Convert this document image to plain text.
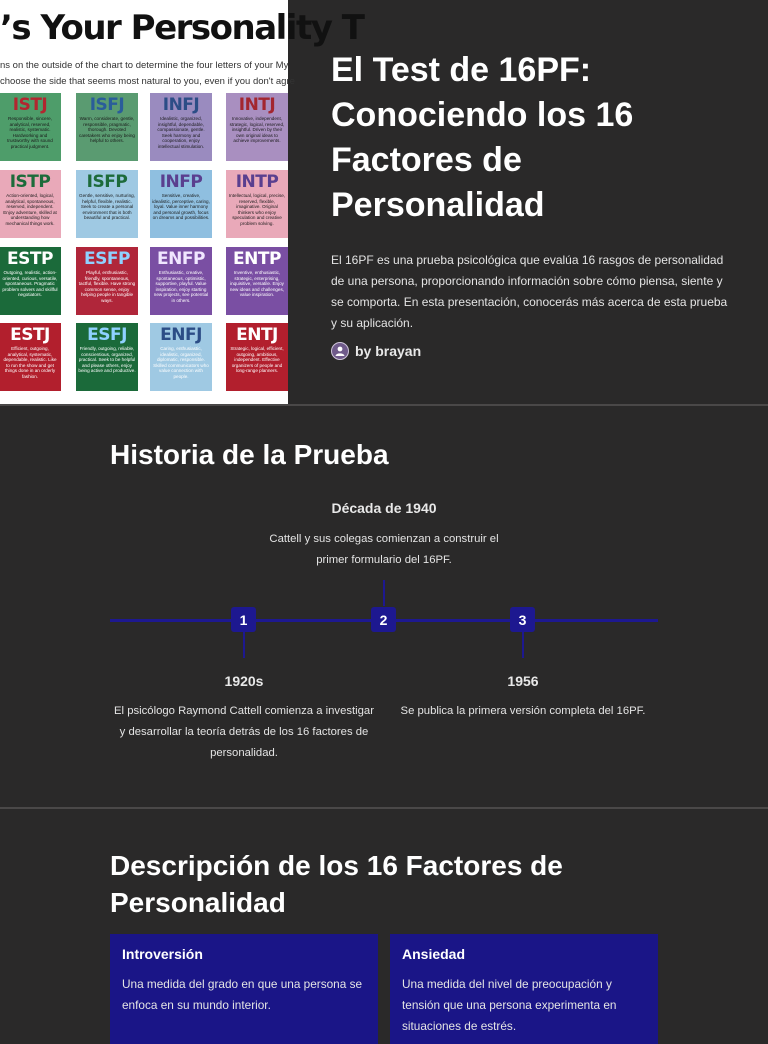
’s Your Personality T
ns on the outside of the chart to determine the four letters of your My
choose the side that seems most natural to you, even if you don't agre
ISTJ
Responsible, sincere, analytical, reserved, realistic, systematic. Hardworking and trustworthy with sound practical judgment.
ISFJ
Warm, considerate, gentle, responsible, pragmatic, thorough. Devoted caretakers who enjoy being helpful to others.
INFJ
Idealistic, organized, insightful, dependable, compassionate, gentle. Seek harmony and cooperation, enjoy intellectual stimulation.
INTJ
Innovative, independent, strategic, logical, reserved, insightful. Driven by their own original ideas to achieve improvements.
ISTP
Action-oriented, logical, analytical, spontaneous, reserved, independent. Enjoy adventure, skilled at understanding how mechanical things work.
ISFP
Gentle, sensitive, nurturing, helpful, flexible, realistic. Seek to create a personal environment that is both beautiful and practical.
INFP
Sensitive, creative, idealistic, perceptive, caring, loyal. Value inner harmony and personal growth, focus on dreams and possibilities.
INTP
Intellectual, logical, precise, reserved, flexible, imaginative. Original thinkers who enjoy speculation and creative problem solving.
ESTP
Outgoing, realistic, action-oriented, curious, versatile, spontaneous. Pragmatic problem solvers and skillful negotiators.
ESFP
Playful, enthusiastic, friendly, spontaneous, tactful, flexible. Have strong common sense, enjoy helping people in tangible ways.
ENFP
Enthusiastic, creative, spontaneous, optimistic, supportive, playful. Value inspiration, enjoy starting new projects, see potential in others.
ENTP
Inventive, enthusiastic, strategic, enterprising, inquisitive, versatile. Enjoy new ideas and challenges, value inspiration.
ESTJ
Efficient, outgoing, analytical, systematic, dependable, realistic. Like to run the show and get things done in an orderly fashion.
ESFJ
Friendly, outgoing, reliable, conscientious, organized, practical. Seek to be helpful and please others, enjoy being active and productive.
ENFJ
Caring, enthusiastic, idealistic, organized, diplomatic, responsible. Skilled communicators who value connection with people.
ENTJ
Strategic, logical, efficient, outgoing, ambitious, independent. Effective organizers of people and long-range planners.
El Test de 16PF: Conociendo los 16 Factores de Personalidad

El 16PF es una prueba psicológica que evalúa 16 rasgos de personalidad de una persona, proporcionando información sobre cómo piensa, siente y se comporta. En esta presentación, conocerás más acerca de esta prueba y su aplicación.

by brayan
Historia de la Prueba
Década de 1940
Cattell y sus colegas comienzan a construir el primer formulario del 16PF.
1	2	3
1920s
El psicólogo Raymond Cattell comienza a investigar y desarrollar la teoría detrás de los 16 factores de personalidad.
1956
Se publica la primera versión completa del 16PF.
Descripción de los 16 Factores de Personalidad
Introversión
Una medida del grado en que una persona se enfoca en su mundo interior.
Ansiedad
Una medida del nivel de preocupación y tensión que una persona experimenta en situaciones de estrés.
